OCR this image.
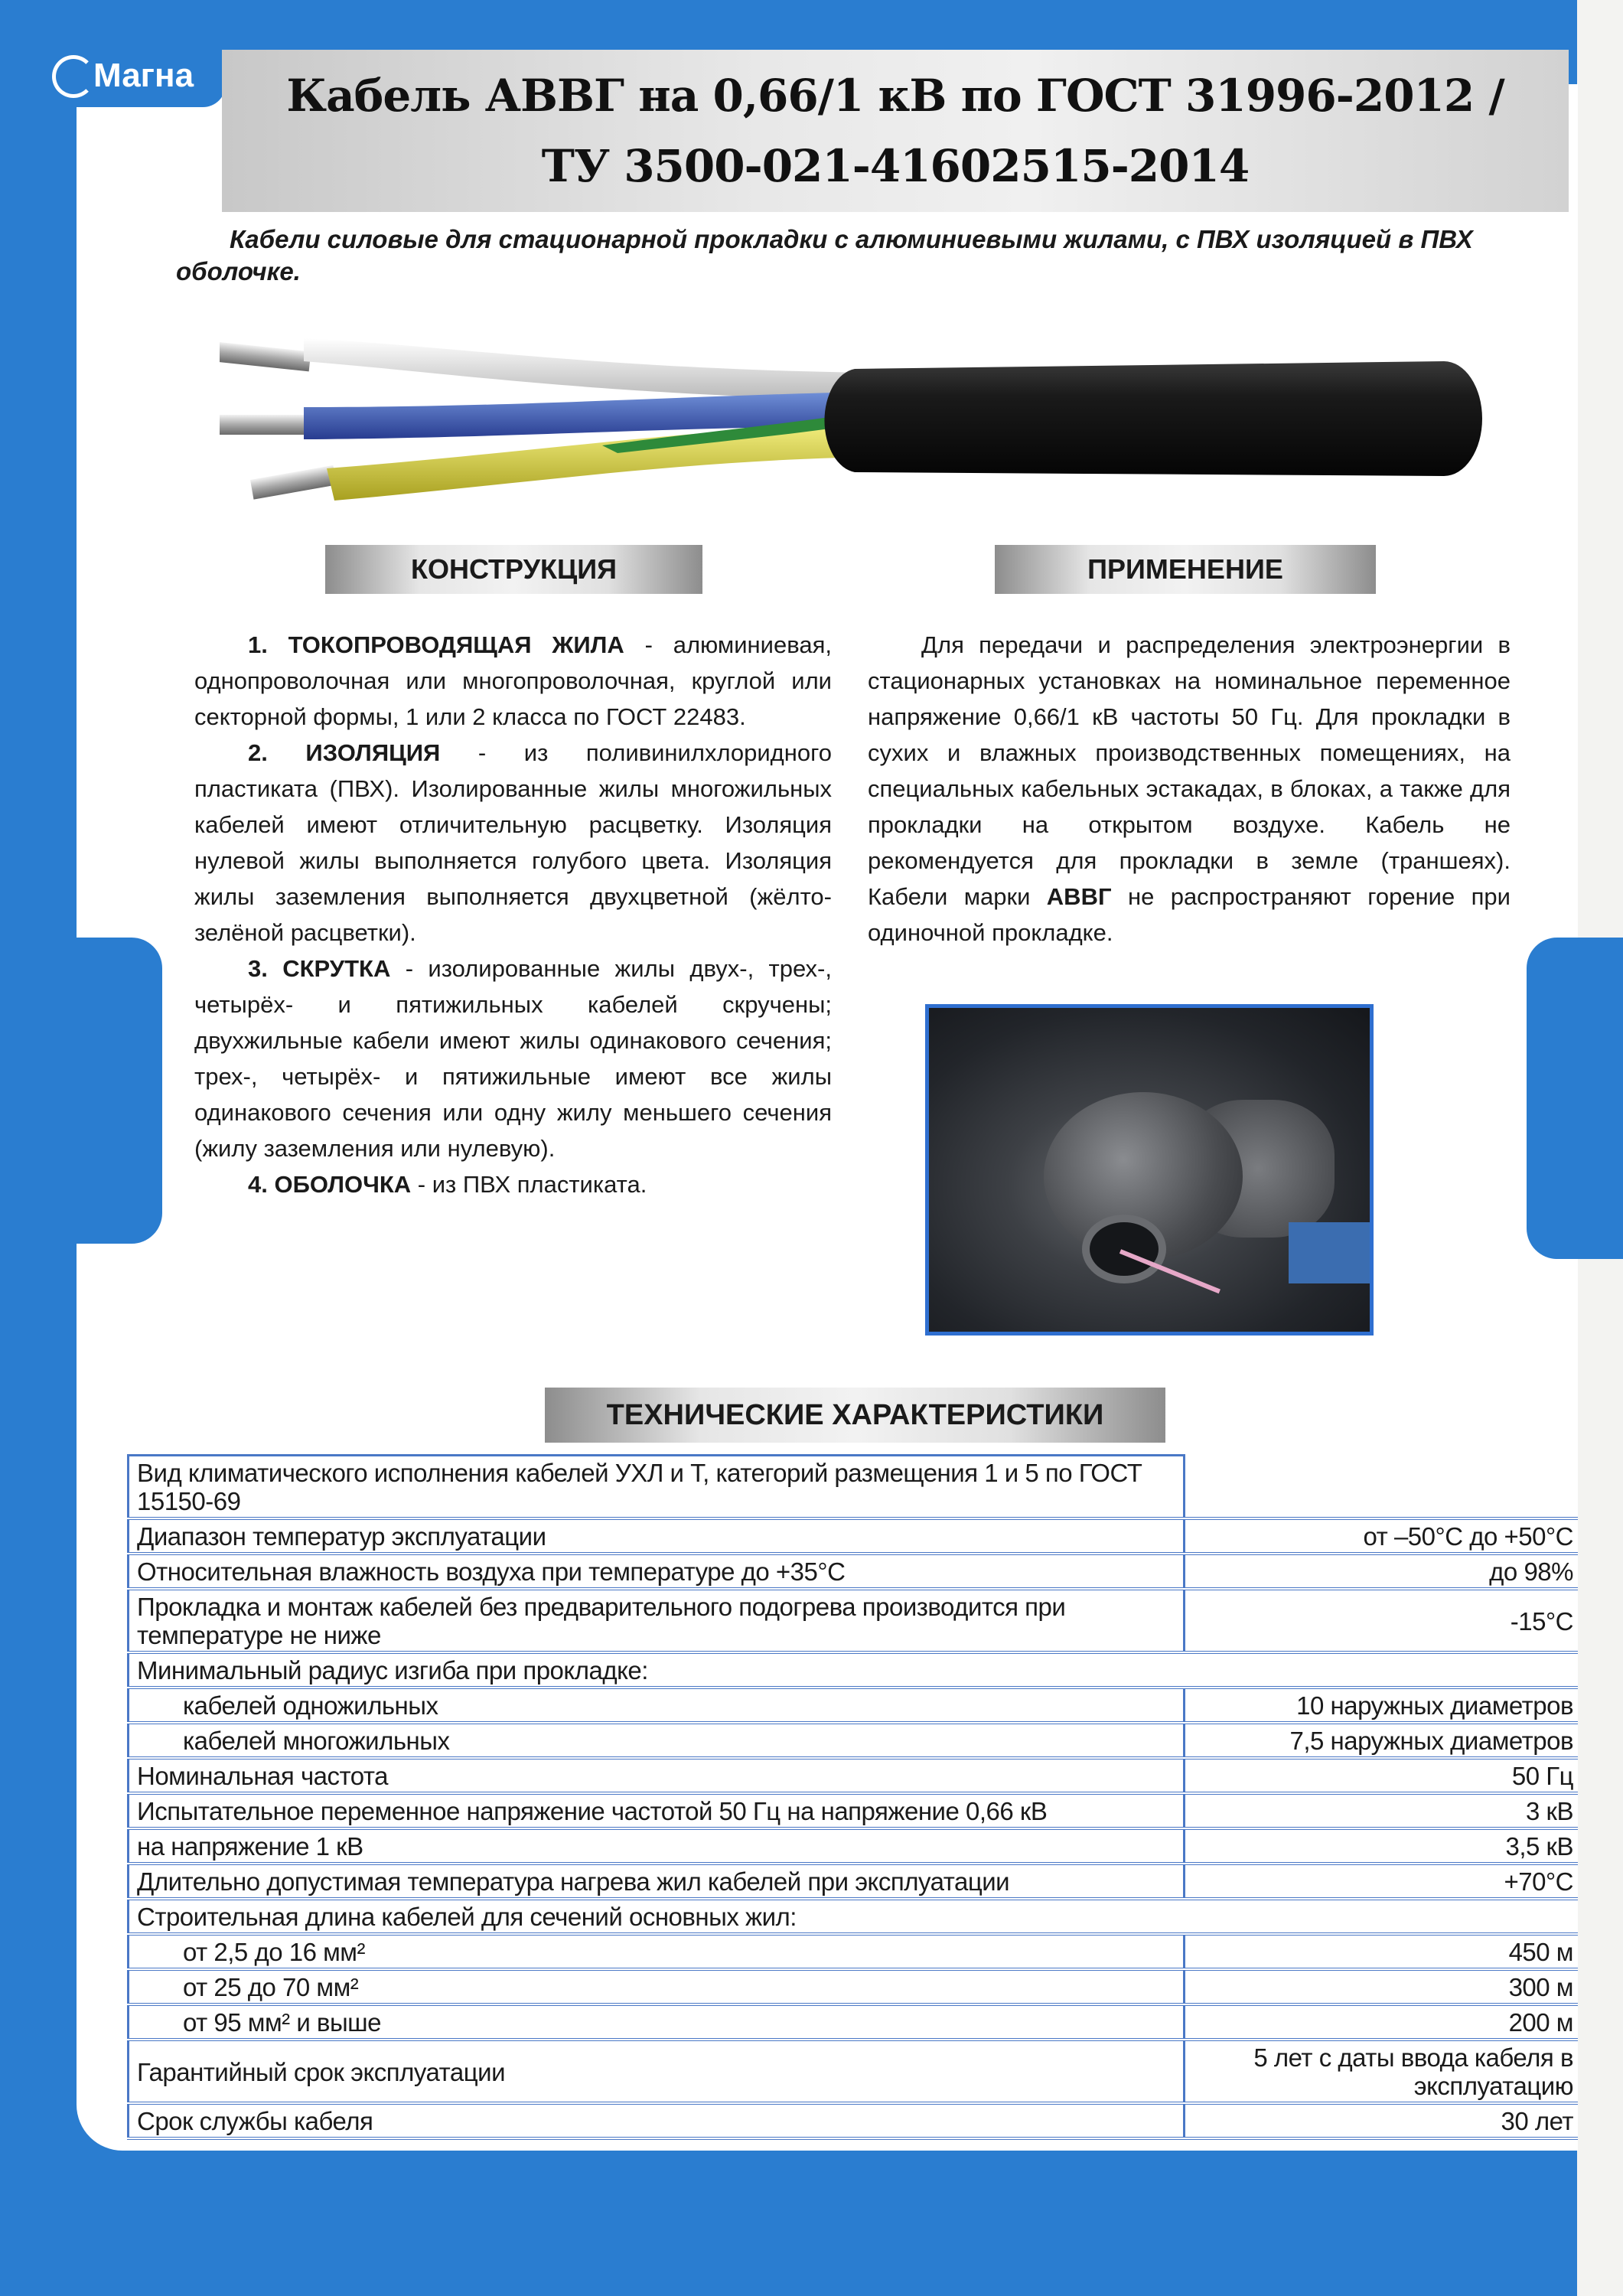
Магна Кабель АВВГ на 0,66/1 кВ по ГОСТ 31996-2012 /
ТУ 3500-021-41602515-2014
Кабели силовые для стационарной прокладки с алюминиевыми жилами, с ПВХ изоляцией в ПВХ оболочке.
КОНСТРУКЦИЯ	ПРИМЕНЕНИЕ

1. ТОКОПРОВОДЯЩАЯ ЖИЛА - алюминиевая, однопроволочная или многопроволочная, круглой или секторной формы, 1 или 2 класса по ГОСТ 22483.

2. ИЗОЛЯЦИЯ - из поливинилхлоридного пластиката (ПВХ). Изолированные жилы многожильных кабелей имеют отличительную расцветку. Изоляция нулевой жилы выполняется голубого цвета. Изоляция жилы заземления выполняется двухцветной (жёлто-зелёной расцветки).

3. СКРУТКА - изолированные жилы двух-, трех-, четырёх- и пятижильных кабелей скручены; двухжильные кабели имеют жилы одинакового сечения; трех-, четырёх- и пятижильные имеют все жилы одинакового сечения или одну жилу меньшего сечения (жилу заземления или нулевую).

4. ОБОЛОЧКА - из ПВХ пластиката.

Для передачи и распределения электроэнергии в стационарных установках на номинальное переменное напряжение 0,66/1 кВ частоты 50 Гц. Для прокладки в сухих и влажных производственных помещениях, на специальных кабельных эстакадах, в блоках, а также для прокладки на открытом воздухе. Кабель не рекомендуется для прокладки в земле (траншеях). Кабели марки АВВГ не распространяют горение при одиночной прокладке.

ТЕХНИЧЕСКИЕ ХАРАКТЕРИСТИКИ
Вид климатического исполнения кабелей УХЛ и Т, категорий размещения 1 и 5 по ГОСТ 15150-69	
Диапазон температур эксплуатации	от –50°С до +50°С
Относительная влажность воздуха при температуре до +35°С	до 98%
Прокладка и монтаж кабелей без предварительного подогрева производится при температуре не ниже	-15°С
Минимальный радиус изгиба при прокладке:	
кабелей одножильных	10 наружных диаметров
кабелей многожильных	7,5 наружных диаметров
Номинальная частота	50 Гц
Испытательное переменное напряжение частотой 50 Гц на напряжение 0,66 кВ	3 кВ
на напряжение 1 кВ	3,5 кВ
Длительно допустимая температура нагрева жил кабелей при эксплуатации	+70°С
Строительная длина кабелей для сечений основных жил:	
от 2,5 до 16 мм²	450 м
от 25 до 70 мм²	300 м
от 95 мм² и выше	200 м
Гарантийный срок эксплуатации	5 лет с даты ввода кабеля в эксплуатацию
Срок службы кабеля	30 лет
